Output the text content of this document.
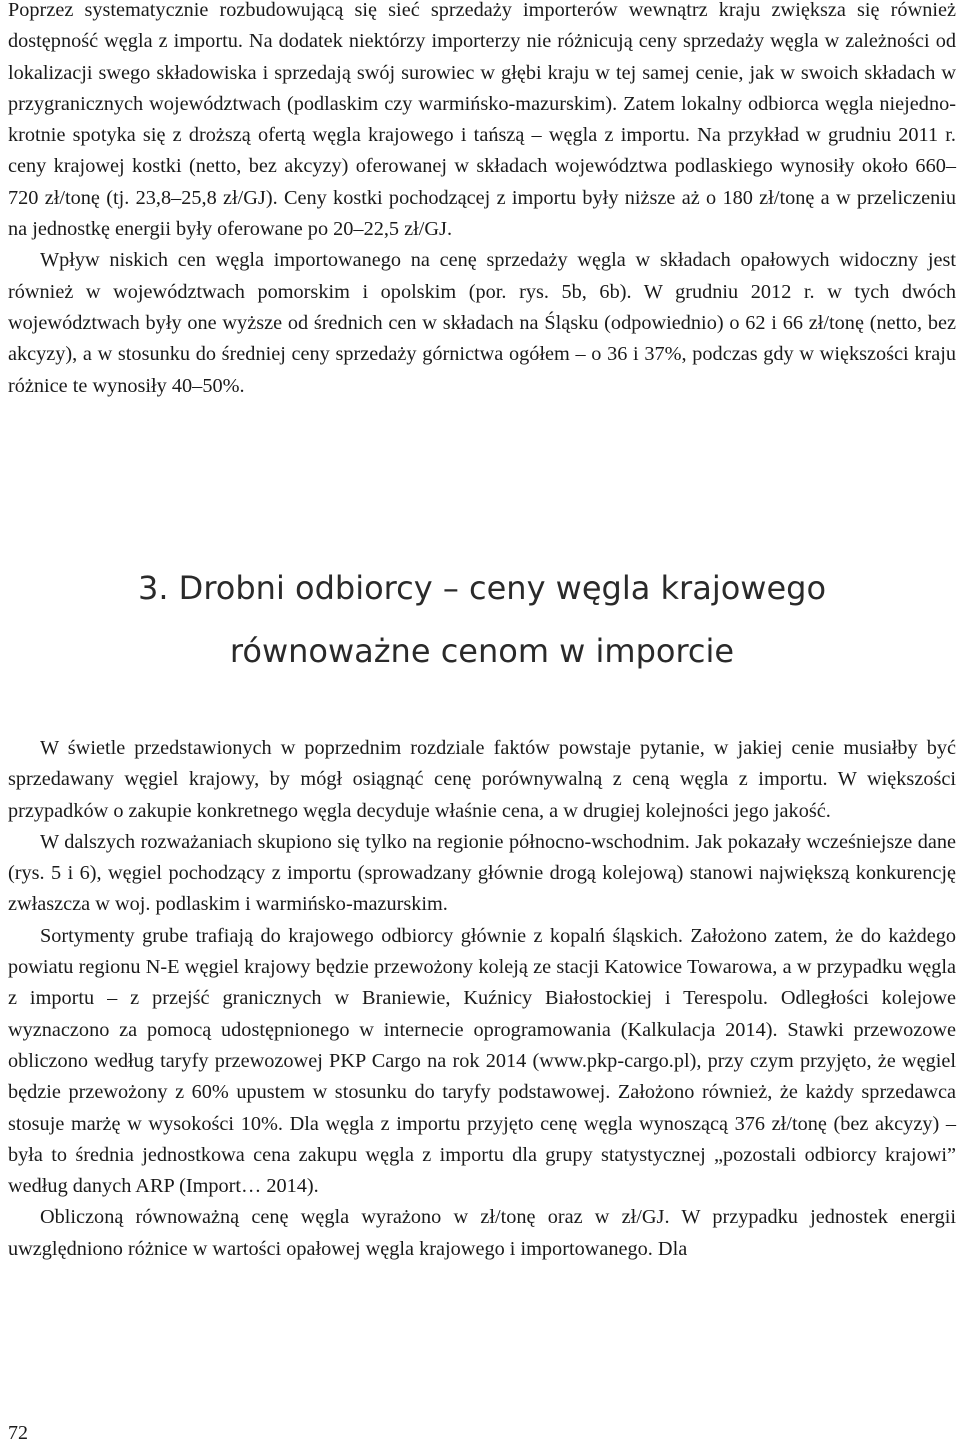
Poprzez systematycznie rozbudowującą się sieć sprzedaży importerów wewnątrz kraju zwiększa się również dostępność węgla z importu. Na dodatek niektórzy importerzy nie różnicują ceny sprzedaży węgla w zależności od lokalizacji swego składowiska i sprzedają swój surowiec w głębi kraju w tej samej cenie, jak w swoich składach w przygranicznych województwach (podlaskim czy warmińsko-mazurskim). Zatem lokalny odbiorca węgla niejednokrotnie spotyka się z droższą ofertą węgla krajowego i tańszą – węgla z importu. Na przykład w grudniu 2011 r. ceny krajowej kostki (netto, bez akcyzy) oferowanej w składach województwa podlaskiego wynosiły około 660–720 zł/tonę (tj. 23,8–25,8 zł/GJ). Ceny kostki pochodzącej z importu były niższe aż o 180 zł/tonę a w przeliczeniu na jednostkę energii były oferowane po 20–22,5 zł/GJ.

Wpływ niskich cen węgla importowanego na cenę sprzedaży węgla w składach opałowych widoczny jest również w województwach pomorskim i opolskim (por. rys. 5b, 6b). W grudniu 2012 r. w tych dwóch województwach były one wyższe od średnich cen w składach na Śląsku (odpowiednio) o 62 i 66 zł/tonę (netto, bez akcyzy), a w stosunku do średniej ceny sprzedaży górnictwa ogółem – o 36 i 37%, podczas gdy w większości kraju różnice te wynosiły 40–50%.

3. Drobni odbiorcy – ceny węgla krajowego równoważne cenom w imporcie

W świetle przedstawionych w poprzednim rozdziale faktów powstaje pytanie, w jakiej cenie musiałby być sprzedawany węgiel krajowy, by mógł osiągnąć cenę porównywalną z ceną węgla z importu. W większości przypadków o zakupie konkretnego węgla decyduje właśnie cena, a w drugiej kolejności jego jakość.

W dalszych rozważaniach skupiono się tylko na regionie północno-wschodnim. Jak pokazały wcześniejsze dane (rys. 5 i 6), węgiel pochodzący z importu (sprowadzany głównie drogą kolejową) stanowi największą konkurencję zwłaszcza w woj. podlaskim i warmińsko-mazurskim.

Sortymenty grube trafiają do krajowego odbiorcy głównie z kopalń śląskich. Założono zatem, że do każdego powiatu regionu N-E węgiel krajowy będzie przewożony koleją ze stacji Katowice Towarowa, a w przypadku węgla z importu – z przejść granicznych w Braniewie, Kuźnicy Białostockiej i Terespolu. Odległości kolejowe wyznaczono za pomocą udostępnionego w internecie oprogramowania (Kalkulacja 2014). Stawki przewozowe obliczono według taryfy przewozowej PKP Cargo na rok 2014 (www.pkp-cargo.pl), przy czym przyjęto, że węgiel będzie przewożony z 60% upustem w stosunku do taryfy podstawowej. Założono również, że każdy sprzedawca stosuje marżę w wysokości 10%. Dla węgla z importu przyjęto cenę węgla wynoszącą 376 zł/tonę (bez akcyzy) – była to średnia jednostkowa cena zakupu węgla z importu dla grupy statystycznej „pozostali odbiorcy krajowi” według danych ARP (Import… 2014).

Obliczoną równoważną cenę węgla wyrażono w zł/tonę oraz w zł/GJ. W przypadku jednostek energii uwzględniono różnice w wartości opałowej węgla krajowego i importowanego. Dla

72
